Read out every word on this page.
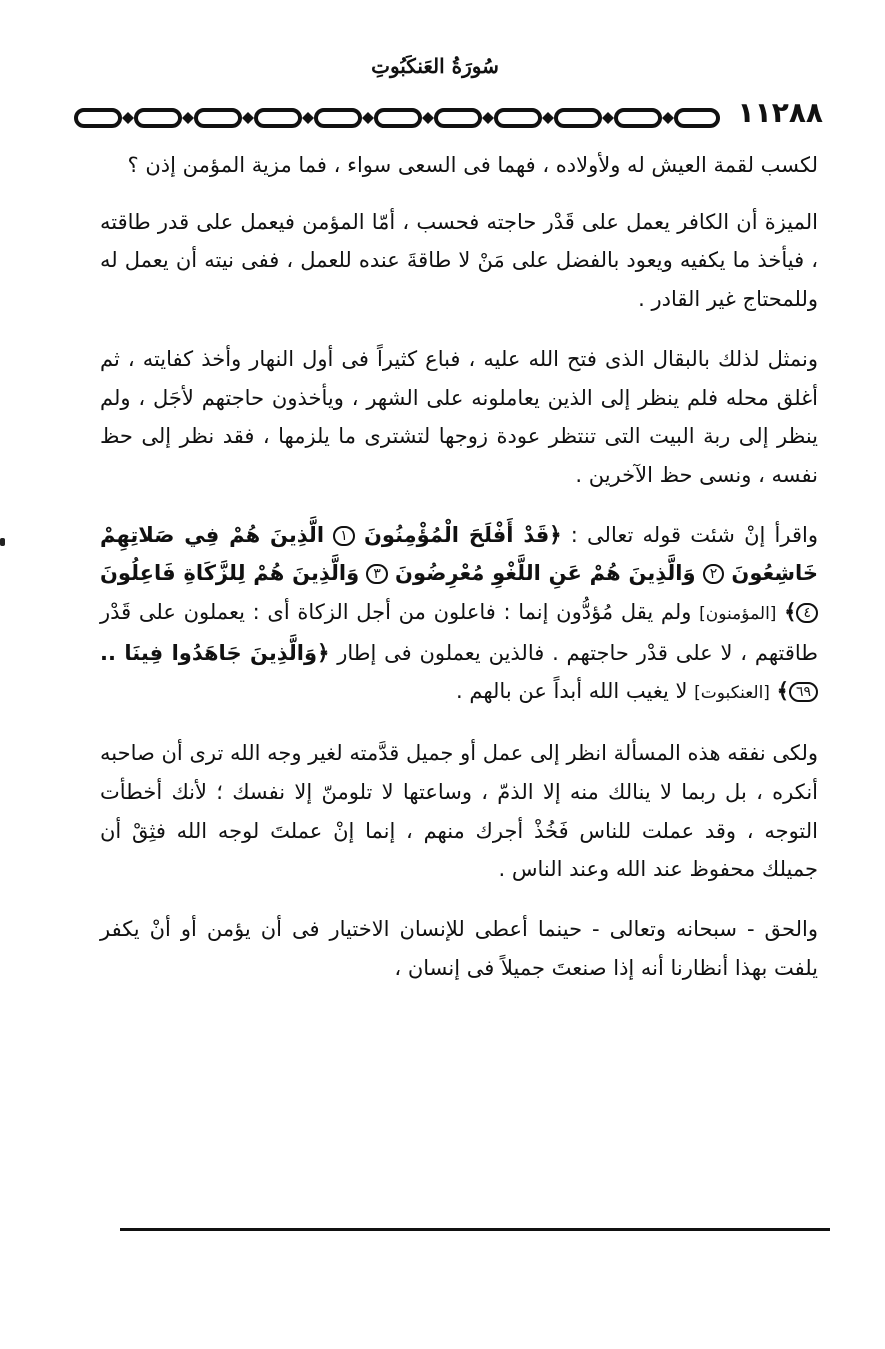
سُورَةُ العَنكَبُوتِ
١١٢٨٨

لكسب لقمة العيش له ولأولاده ، فهما فى السعى سواء ، فما مزية المؤمن إذن ؟

الميزة أن الكافر يعمل على قَدْر حاجته فحسب ، أمّا المؤمن فيعمل على قدر طاقته ، فيأخذ ما يكفيه ويعود بالفضل على مَنْ لا طاقةَ عنده للعمل ، ففى نيته أن يعمل له وللمحتاج غير القادر .

ونمثل لذلك بالبقال الذى فتح الله عليه ، فباع كثيراً فى أول النهار وأخذ كفايته ، ثم أغلق محله فلم ينظر إلى الذين يعاملونه على الشهر ، ويأخذون حاجتهم لأجَل ، ولم ينظر إلى ربة البيت التى تنتظر عودة زوجها لتشترى ما يلزمها ، فقد نظر إلى حظ نفسه ، ونسى حظ الآخرين .

واقرأ إنْ شئت قوله تعالى : ﴿قَدْ أَفْلَحَ الْمُؤْمِنُونَ ١ الَّذِينَ هُمْ فِي صَلاتِهِمْ خَاشِعُونَ ٢ وَالَّذِينَ هُمْ عَنِ اللَّغْوِ مُعْرِضُونَ ٣ وَالَّذِينَ هُمْ لِلزَّكَاةِ فَاعِلُونَ ٤﴾ [المؤمنون] ولم يقل مُؤدُّون إنما : فاعلون من أجل الزكاة أى : يعملون على قَدْر طاقتهم ، لا على قدْر حاجتهم . فالذين يعملون فى إطار ﴿وَالَّذِينَ جَاهَدُوا فِينَا .. ٦٩﴾ [العنكبوت] لا يغيب الله أبداً عن بالهم .

ولكى نفقه هذه المسألة انظر إلى عمل أو جميل قدَّمته لغير وجه الله ترى أن صاحبه أنكره ، بل ربما لا ينالك منه إلا الذمّ ، وساعتها لا تلومنّ إلا نفسك ؛ لأنك أخطأت التوجه ، وقد عملت للناس فَخُذْ أجرك منهم ، إنما إنْ عملتَ لوجه الله فثِقْ أن جميلك محفوظ عند الله وعند الناس .

والحق - سبحانه وتعالى - حينما أعطى للإنسان الاختيار فى أن يؤمن أو أنْ يكفر يلفت بهذا أنظارنا أنه إذا صنعتَ جميلاً فى إنسان ،
